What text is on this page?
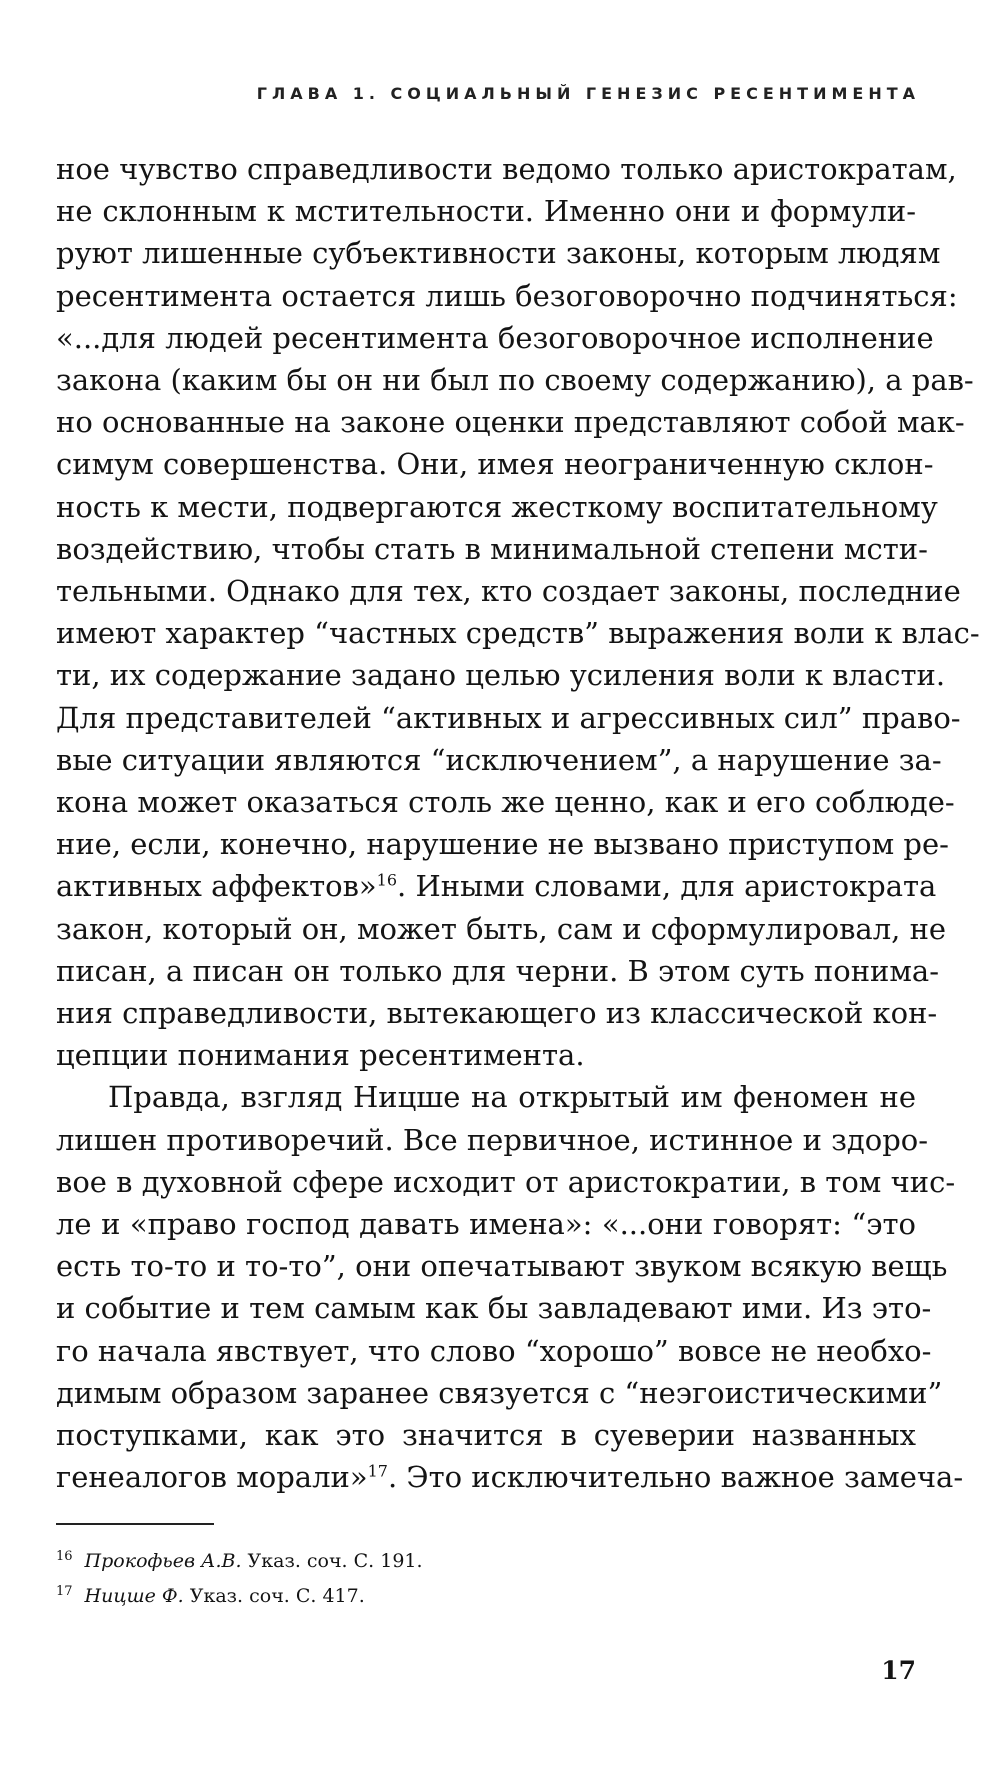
ГЛАВА 1. СОЦИАЛЬНЫЙ ГЕНЕЗИС РЕСЕНТИМЕНТА

ное чувство справедливости ведомо только аристократам,
не склонным к мстительности. Именно они и формули-
руют лишенные субъективности законы, которым людям
ресентимента остается лишь безоговорочно подчиняться:
«...для людей ресентимента безоговорочное исполнение
закона (каким бы он ни был по своему содержанию), а рав-
но основанные на законе оценки представляют собой мак-
симум совершенства. Они, имея неограниченную склон-
ность к мести, подвергаются жесткому воспитательному
воздействию, чтобы стать в минимальной степени мсти-
тельными. Однако для тех, кто создает законы, последние
имеют характер “частных средств” выражения воли к влас-
ти, их содержание задано целью усиления воли к власти.
Для представителей “активных и агрессивных сил” право-
вые ситуации являются “исключением”, а нарушение за-
кона может оказаться столь же ценно, как и его соблюде-
ние, если, конечно, нарушение не вызвано приступом ре-
активных аффектов»$^{16}$. Иными словами, для аристократа
закон, который он, может быть, сам и сформулировал, не
писан, а писан он только для черни. В этом суть понима-
ния справедливости, вытекающего из классической кон-
цепции понимания ресентимента.

Правда, взгляд Ницше на открытый им феномен не
лишен противоречий. Все первичное, истинное и здоро-
вое в духовной сфере исходит от аристократии, в том чис-
ле и «право господ давать имена»: «...они говорят: “это
есть то-то и то-то”, они опечатывают звуком всякую вещь
и событие и тем самым как бы завладевают ими. Из это-
го начала явствует, что слово “хорошо” вовсе не необхо-
димым образом заранее связуется с “неэгоистическими”
поступками, как это значится в суеверии названных
генеалогов морали»$^{17}$. Это исключительно важное замеча-

$^{16}$ Прокофьев А.В. Указ. соч. С. 191.
$^{17}$ Ницше Ф. Указ. соч. С. 417.
17
